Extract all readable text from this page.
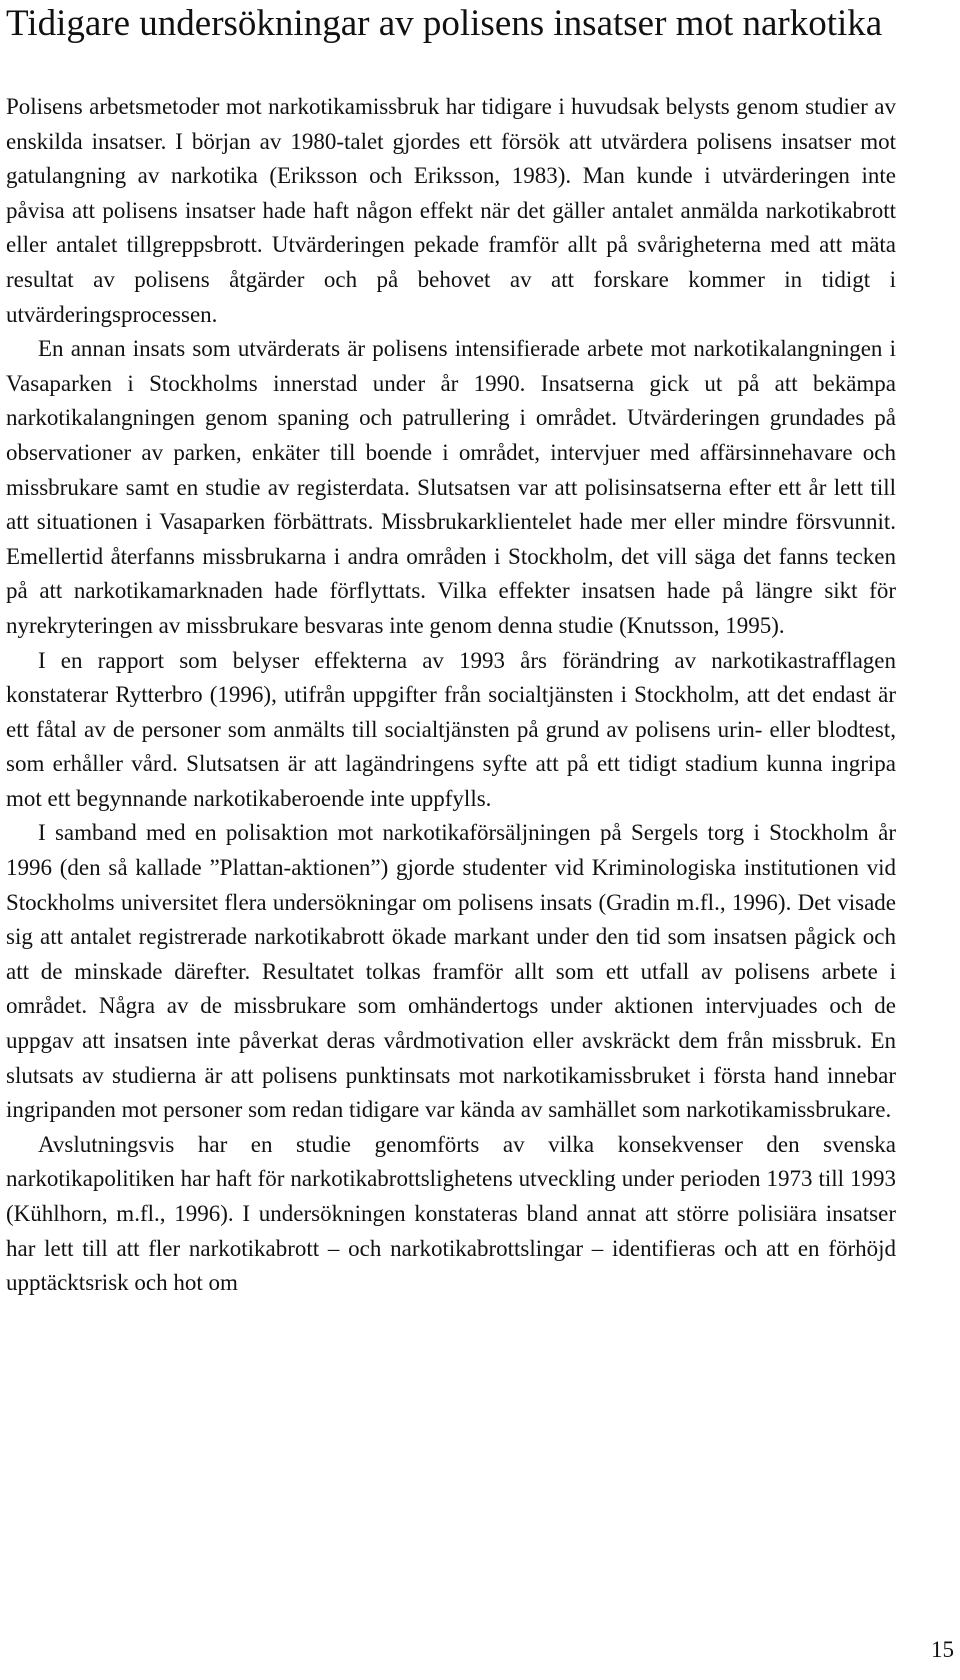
Tidigare undersökningar av polisens insatser mot narkotika

Polisens arbetsmetoder mot narkotikamissbruk har tidigare i huvudsak belysts genom studier av enskilda insatser. I början av 1980-talet gjordes ett försök att utvärdera polisens insatser mot gatulangning av narkotika (Eriksson och Eriksson, 1983). Man kunde i utvärderingen inte påvisa att polisens insatser hade haft någon effekt när det gäller antalet anmälda narkotikabrott eller antalet tillgreppsbrott. Utvärderingen pekade framför allt på svårigheterna med att mäta resultat av polisens åtgärder och på behovet av att forskare kommer in tidigt i utvärderingsprocessen.

En annan insats som utvärderats är polisens intensifierade arbete mot narkotikalangningen i Vasaparken i Stockholms innerstad under år 1990. Insatserna gick ut på att bekämpa narkotikalangningen genom spaning och patrullering i området. Utvärderingen grundades på observationer av parken, enkäter till boende i området, intervjuer med affärsinnehavare och missbrukare samt en studie av registerdata. Slutsatsen var att polisinsatserna efter ett år lett till att situationen i Vasaparken förbättrats. Missbrukarklientelet hade mer eller mindre försvunnit. Emellertid återfanns missbrukarna i andra områden i Stockholm, det vill säga det fanns tecken på att narkotikamarknaden hade förflyttats. Vilka effekter insatsen hade på längre sikt för nyrekryteringen av missbrukare besvaras inte genom denna studie (Knutsson, 1995).

I en rapport som belyser effekterna av 1993 års förändring av narkotikastrafflagen konstaterar Rytterbro (1996), utifrån uppgifter från socialtjänsten i Stockholm, att det endast är ett fåtal av de personer som anmälts till socialtjänsten på grund av polisens urin- eller blodtest, som erhåller vård. Slutsatsen är att lagändringens syfte att på ett tidigt stadium kunna ingripa mot ett begynnande narkotikaberoende inte uppfylls.

I samband med en polisaktion mot narkotikaförsäljningen på Sergels torg i Stockholm år 1996 (den så kallade ”Plattan-aktionen”) gjorde studenter vid Kriminologiska institutionen vid Stockholms universitet flera undersökningar om polisens insats (Gradin m.fl., 1996). Det visade sig att antalet registrerade narkotikabrott ökade markant under den tid som insatsen pågick och att de minskade därefter. Resultatet tolkas framför allt som ett utfall av polisens arbete i området. Några av de missbrukare som omhändertogs under aktionen intervjuades och de uppgav att insatsen inte påverkat deras vårdmotivation eller avskräckt dem från missbruk. En slutsats av studierna är att polisens punktinsats mot narkotikamissbruket i första hand innebar ingripanden mot personer som redan tidigare var kända av samhället som narkotikamissbrukare.

Avslutningsvis har en studie genomförts av vilka konsekvenser den svenska narkotikapolitiken har haft för narkotikabrottslighetens utveckling under perioden 1973 till 1993 (Kühlhorn, m.fl., 1996). I undersökningen konstateras bland annat att större polisiära insatser har lett till att fler narkotikabrott – och narkotikabrottslingar – identifieras och att en förhöjd upptäcktsrisk och hot om

15
